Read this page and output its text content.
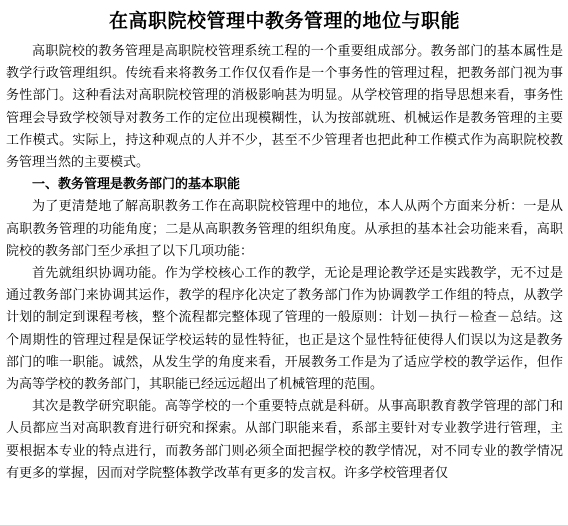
在高职院校管理中教务管理的地位与职能

高职院校的教务管理是高职院校管理系统工程的一个重要组成部分。教务部门的基本属性是教学行政管理组织。传统看来将教务工作仅仅看作是一个事务性的管理过程，把教务部门视为事务性部门。这种看法对高职院校管理的消极影响甚为明显。从学校管理的指导思想来看，事务性管理会导致学校领导对教务工作的定位出现模糊性，认为按部就班、机械运作是教务管理的主要工作模式。实际上，持这种观点的人并不少，甚至不少管理者也把此种工作模式作为高职院校教务管理当然的主要模式。

一、教务管理是教务部门的基本职能

为了更清楚地了解高职教务工作在高职院校管理中的地位，本人从两个方面来分析：一是从高职教务管理的功能角度；二是从高职教务管理的组织角度。从承担的基本社会功能来看，高职院校的教务部门至少承担了以下几项功能：

首先就组织协调功能。作为学校核心工作的教学，无论是理论教学还是实践教学，无不过是通过教务部门来协调其运作，教学的程序化决定了教务部门作为协调教学工作组的特点，从教学计划的制定到课程考核，整个流程都完整体现了管理的一般原则：计划－执行－检查－总结。这个周期性的管理过程是保证学校运转的显性特征，也正是这个显性特征使得人们误以为这是教务部门的唯一职能。诚然，从发生学的角度来看，开展教务工作是为了适应学校的教学运作，但作为高等学校的教务部门，其职能已经远远超出了机械管理的范围。

其次是教学研究职能。高等学校的一个重要特点就是科研。从事高职教育教学管理的部门和人员都应当对高职教育进行研究和探索。从部门职能来看，系部主要针对专业教学进行管理，主要根据本专业的特点进行，而教务部门则必须全面把握学校的教学情况，对不同专业的教学情况有更多的掌握，因而对学院整体教学改革有更多的发言权。许多学校管理者仅
